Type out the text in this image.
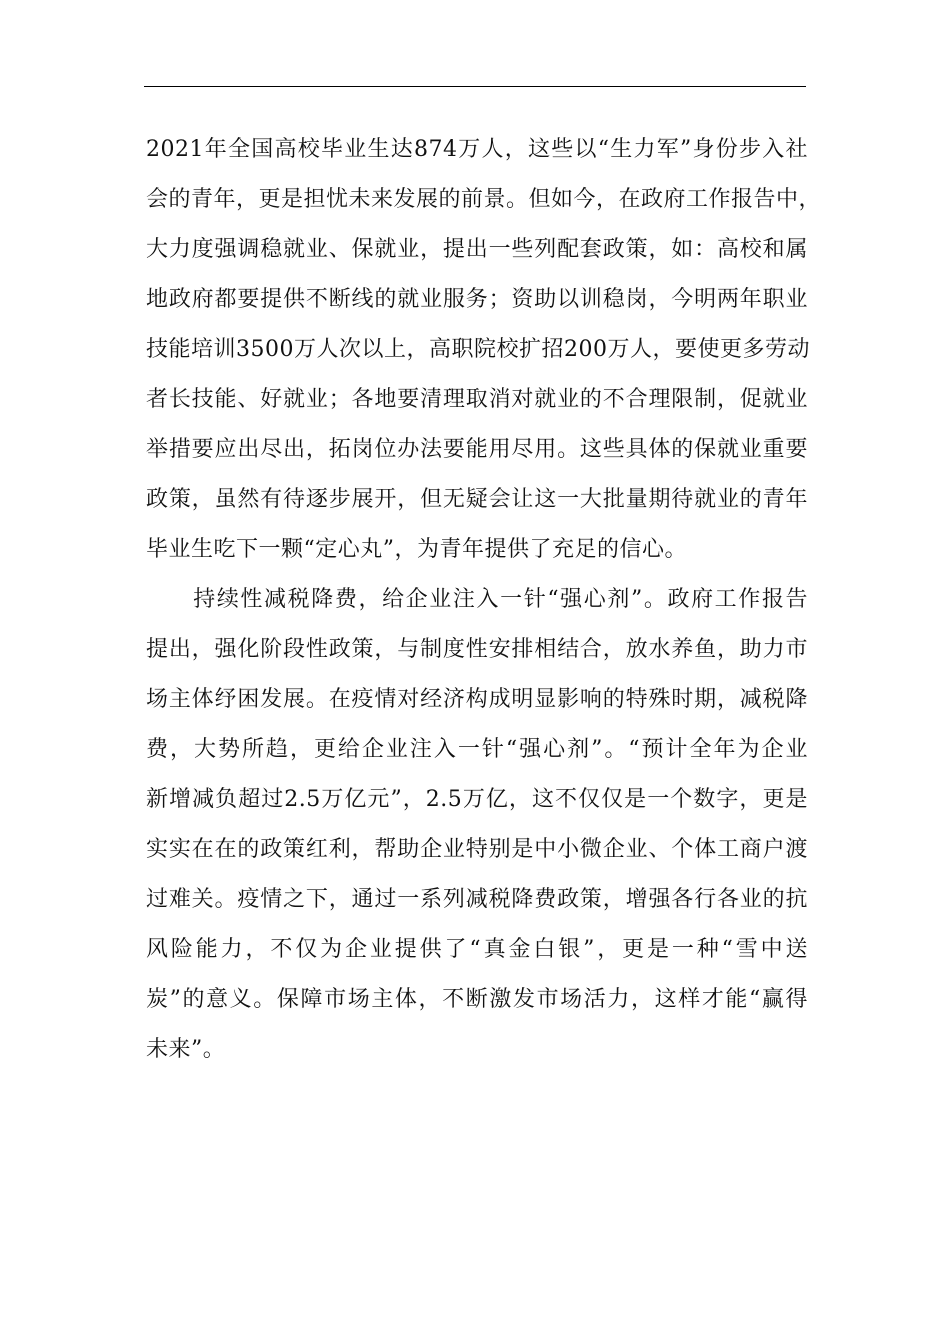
2021年全国高校毕业生达874万人，这些以“生力军”身份步入社
会的青年，更是担忧未来发展的前景。但如今，在政府工作报告中，
大力度强调稳就业、保就业，提出一些列配套政策，如：高校和属
地政府都要提供不断线的就业服务；资助以训稳岗，今明两年职业
技能培训3500万人次以上，高职院校扩招200万人，要使更多劳动
者长技能、好就业；各地要清理取消对就业的不合理限制，促就业
举措要应出尽出，拓岗位办法要能用尽用。这些具体的保就业重要
政策，虽然有待逐步展开，但无疑会让这一大批量期待就业的青年
毕业生吃下一颗“定心丸”，为青年提供了充足的信心。
　　持续性减税降费，给企业注入一针“强心剂”。政府工作报告
提出，强化阶段性政策，与制度性安排相结合，放水养鱼，助力市
场主体纾困发展。在疫情对经济构成明显影响的特殊时期，减税降
费，大势所趋，更给企业注入一针“强心剂”。“预计全年为企业
新增减负超过2.5万亿元”，2.5万亿，这不仅仅是一个数字，更是
实实在在的政策红利，帮助企业特别是中小微企业、个体工商户渡
过难关。疫情之下，通过一系列减税降费政策，增强各行各业的抗
风险能力，不仅为企业提供了“真金白银”，更是一种“雪中送
炭”的意义。保障市场主体，不断激发市场活力，这样才能“赢得
未来”。
